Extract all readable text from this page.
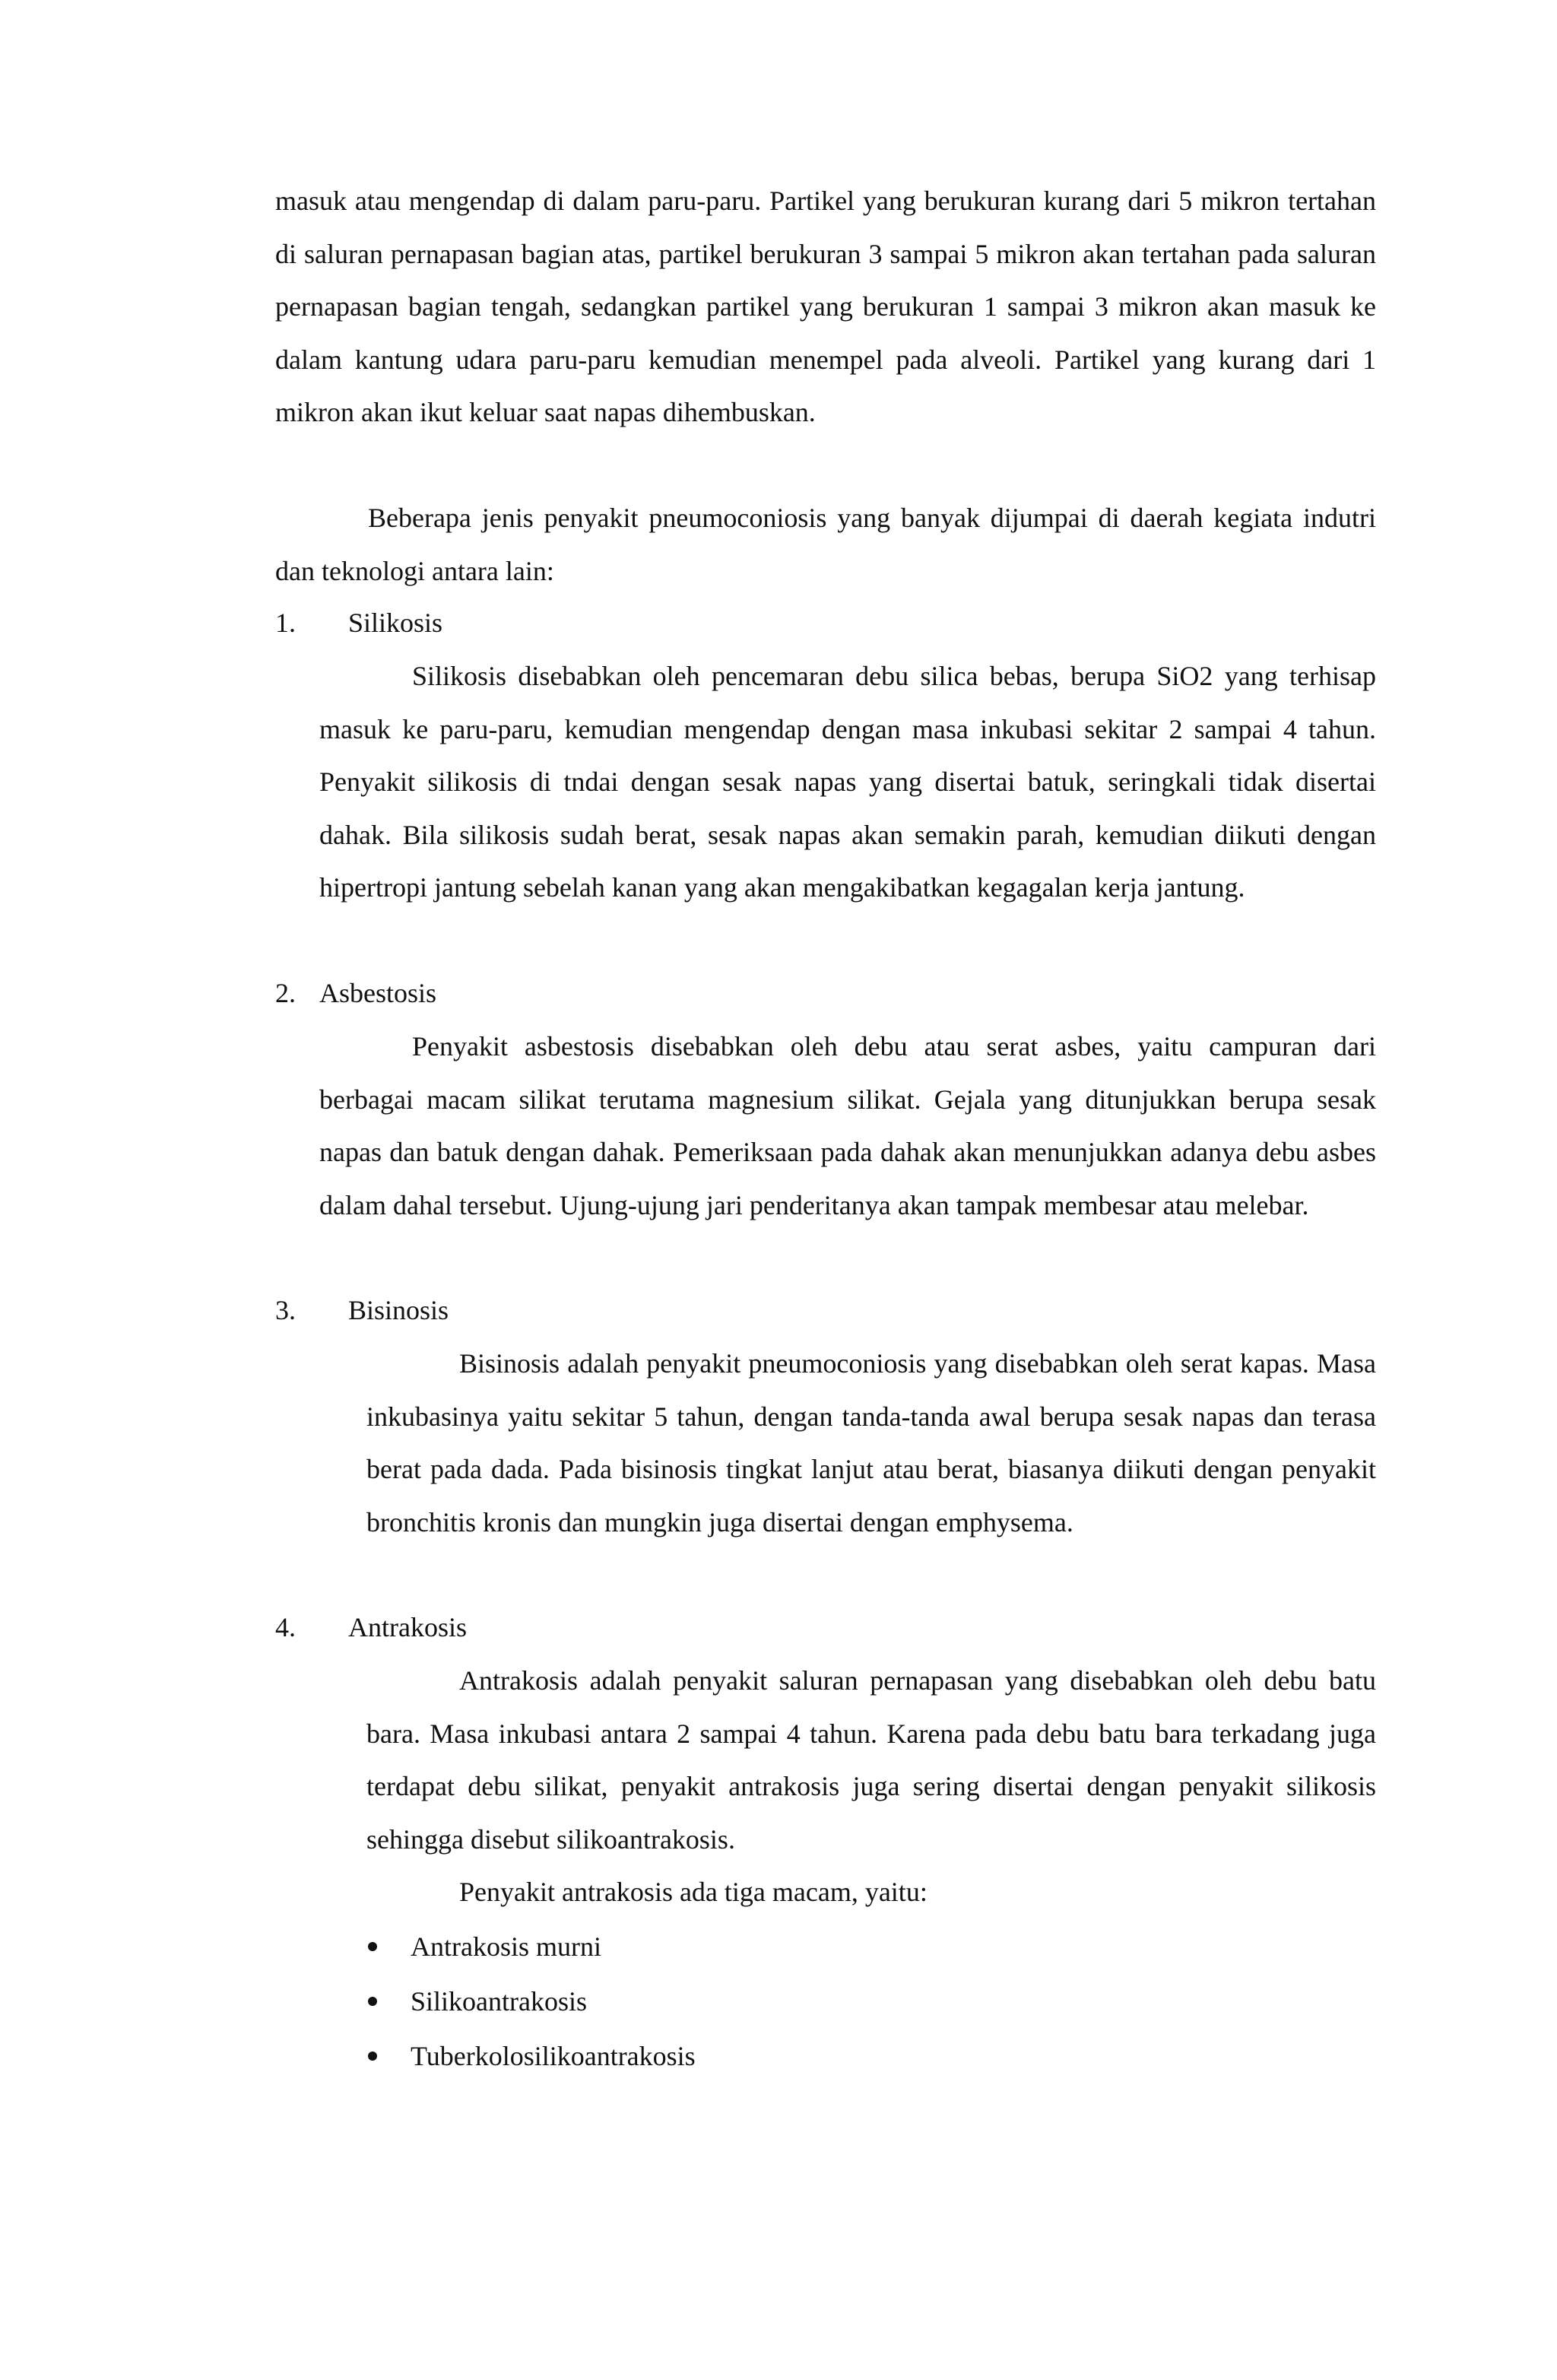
masuk atau mengendap di dalam paru-paru. Partikel yang berukuran kurang dari 5 mikron tertahan di saluran pernapasan bagian atas, partikel berukuran 3 sampai 5 mikron akan tertahan pada saluran pernapasan bagian tengah, sedangkan partikel yang berukuran 1 sampai 3 mikron akan masuk ke dalam kantung udara paru-paru kemudian menempel pada alveoli. Partikel yang kurang dari 1 mikron akan ikut keluar saat napas dihembuskan.

Beberapa jenis penyakit pneumoconiosis yang banyak dijumpai di daerah kegiata indutri dan teknologi antara lain:

1. Silikosis

Silikosis disebabkan oleh pencemaran debu silica bebas, berupa SiO2 yang terhisap masuk ke paru-paru, kemudian mengendap dengan masa inkubasi sekitar 2 sampai 4 tahun. Penyakit silikosis di tndai dengan sesak napas yang disertai batuk, seringkali tidak disertai dahak. Bila silikosis sudah berat, sesak napas akan semakin parah, kemudian diikuti dengan hipertropi jantung sebelah kanan yang akan mengakibatkan kegagalan kerja jantung.

2. Asbestosis

Penyakit asbestosis disebabkan oleh debu atau serat asbes, yaitu campuran dari berbagai macam silikat terutama magnesium silikat. Gejala yang ditunjukkan berupa sesak napas dan batuk dengan dahak. Pemeriksaan pada dahak akan menunjukkan adanya debu asbes dalam dahal tersebut. Ujung-ujung jari penderitanya akan tampak membesar atau melebar.

3. Bisinosis

Bisinosis adalah penyakit pneumoconiosis yang disebabkan oleh serat kapas. Masa inkubasinya yaitu sekitar 5 tahun, dengan tanda-tanda awal berupa sesak napas dan terasa berat pada dada. Pada bisinosis tingkat lanjut atau berat, biasanya diikuti dengan penyakit bronchitis kronis dan mungkin juga disertai dengan emphysema.

4. Antrakosis

Antrakosis adalah penyakit saluran pernapasan yang disebabkan oleh debu batu bara. Masa inkubasi antara 2 sampai 4 tahun. Karena pada debu batu bara terkadang juga terdapat debu silikat, penyakit antrakosis juga sering disertai dengan penyakit silikosis sehingga disebut silikoantrakosis.

Penyakit antrakosis ada tiga macam, yaitu:

Antrakosis murni
Silikoantrakosis
Tuberkolosilikoantrakosis
